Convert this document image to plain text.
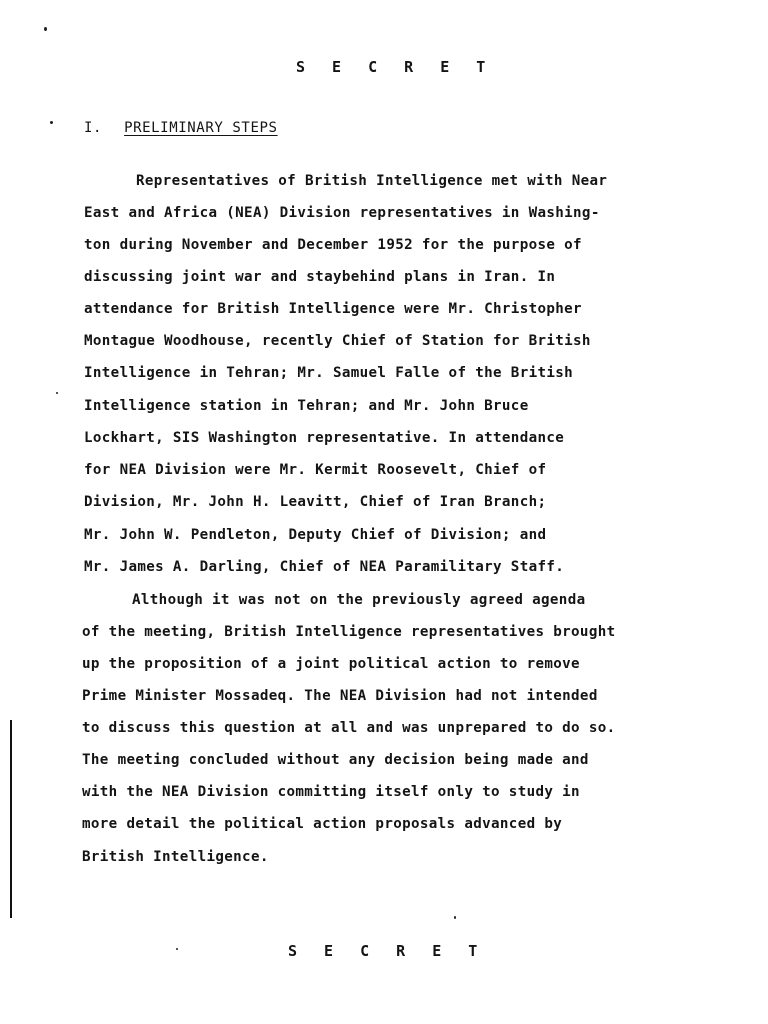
S E C R E T
I. PRELIMINARY STEPS
Representatives of British Intelligence met with Near
East and Africa (NEA) Division representatives in Washing-
ton during November and December 1952 for the purpose of
discussing joint war and staybehind plans in Iran. In
attendance for British Intelligence were Mr. Christopher
Montague Woodhouse, recently Chief of Station for British
Intelligence in Tehran; Mr. Samuel Falle of the British
Intelligence station in Tehran; and Mr. John Bruce
Lockhart, SIS Washington representative. In attendance
for NEA Division were Mr. Kermit Roosevelt, Chief of
Division, Mr. John H. Leavitt, Chief of Iran Branch;
Mr. John W. Pendleton, Deputy Chief of Division; and
Mr. James A. Darling, Chief of NEA Paramilitary Staff.
Although it was not on the previously agreed agenda
of the meeting, British Intelligence representatives brought
up the proposition of a joint political action to remove
Prime Minister Mossadeq. The NEA Division had not intended
to discuss this question at all and was unprepared to do so.
The meeting concluded without any decision being made and
with the NEA Division committing itself only to study in
more detail the political action proposals advanced by
British Intelligence.
S E C R E T
